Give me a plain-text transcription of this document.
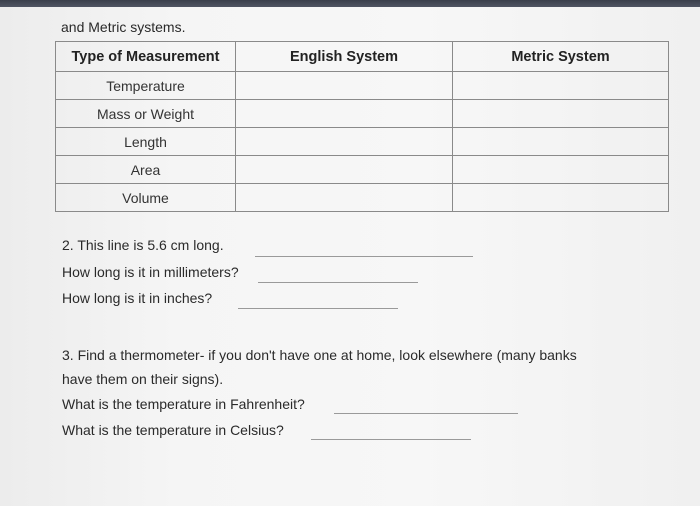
and Metric systems.
Type of Measurement	English System	Metric System
Temperature		
Mass or Weight		
Length		
Area		
Volume		
2. This line is 5.6 cm long.
How long is it in millimeters?
How long is it in inches?
3. Find a thermometer- if you don't have one at home, look elsewhere (many banks
have them on their signs).
What is the temperature in Fahrenheit?
What is the temperature in Celsius?
